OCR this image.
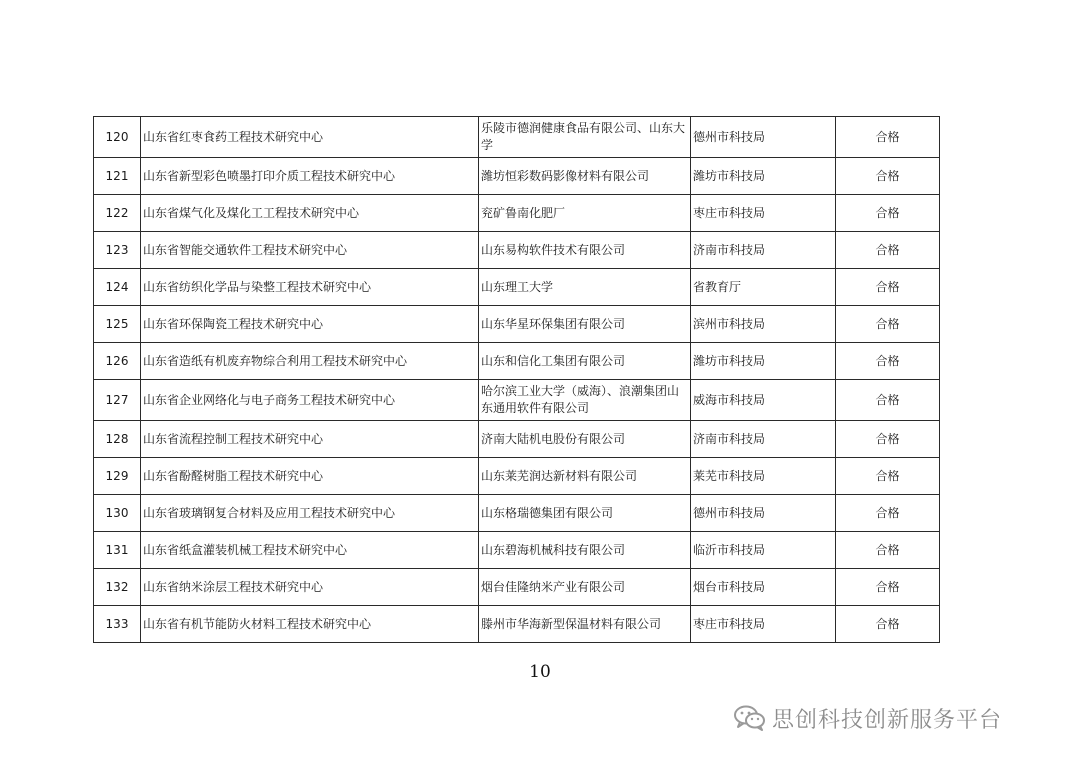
120	山东省红枣食药工程技术研究中心	乐陵市德润健康食品有限公司、山东大学	德州市科技局	合格
121	山东省新型彩色喷墨打印介质工程技术研究中心	潍坊恒彩数码影像材料有限公司	潍坊市科技局	合格
122	山东省煤气化及煤化工工程技术研究中心	兖矿鲁南化肥厂	枣庄市科技局	合格
123	山东省智能交通软件工程技术研究中心	山东易构软件技术有限公司	济南市科技局	合格
124	山东省纺织化学品与染整工程技术研究中心	山东理工大学	省教育厅	合格
125	山东省环保陶瓷工程技术研究中心	山东华星环保集团有限公司	滨州市科技局	合格
126	山东省造纸有机废弃物综合利用工程技术研究中心	山东和信化工集团有限公司	潍坊市科技局	合格
127	山东省企业网络化与电子商务工程技术研究中心	哈尔滨工业大学（威海）、浪潮集团山东通用软件有限公司	威海市科技局	合格
128	山东省流程控制工程技术研究中心	济南大陆机电股份有限公司	济南市科技局	合格
129	山东省酚醛树脂工程技术研究中心	山东莱芜润达新材料有限公司	莱芜市科技局	合格
130	山东省玻璃钢复合材料及应用工程技术研究中心	山东格瑞德集团有限公司	德州市科技局	合格
131	山东省纸盒灌装机械工程技术研究中心	山东碧海机械科技有限公司	临沂市科技局	合格
132	山东省纳米涂层工程技术研究中心	烟台佳隆纳米产业有限公司	烟台市科技局	合格
133	山东省有机节能防火材料工程技术研究中心	滕州市华海新型保温材料有限公司	枣庄市科技局	合格
10
思创科技创新服务平台
